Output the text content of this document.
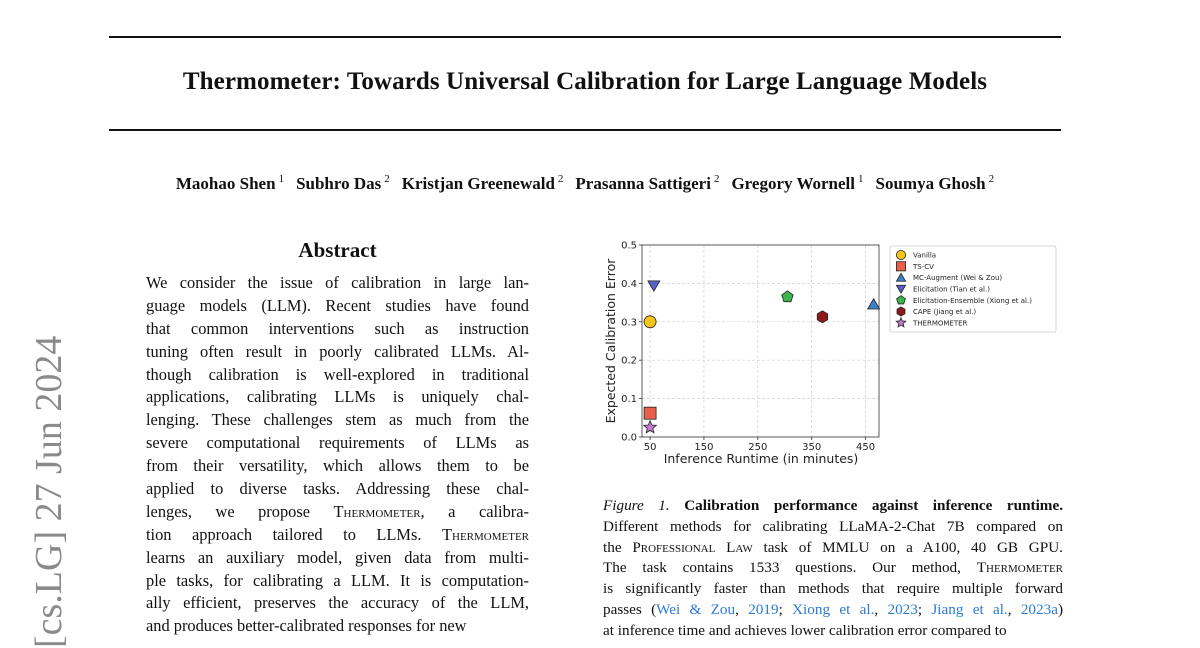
Thermometer: Towards Universal Calibration for Large Language Models
Maohao Shen $^1$ Subhro Das $^2$ Kristjan Greenewald $^2$ Prasanna Sattigeri $^2$ Gregory Wornell $^1$ Soumya Ghosh $^2$
[cs.LG] 27 Jun 2024
Abstract
We consider the issue of calibration in large lan-
guage models (LLM). Recent studies have found
that common interventions such as instruction
tuning often result in poorly calibrated LLMs. Al-
though calibration is well-explored in traditional
applications, calibrating LLMs is uniquely chal-
lenging. These challenges stem as much from the
severe computational requirements of LLMs as
from their versatility, which allows them to be
applied to diverse tasks. Addressing these chal-
lenges, we propose Thermometer, a calibra-
tion approach tailored to LLMs. Thermometer
learns an auxiliary model, given data from multi-
ple tasks, for calibrating a LLM. It is computation-
ally efficient, preserves the accuracy of the LLM,
and produces better-calibrated responses for new
50	150	250	350	450
0.0
0.1
0.2
0.3
0.4
0.5
Inference Runtime (in minutes)
Expected Calibration Error
Vanilla
TS-CV
MC-Augment (Wei & Zou)
Elicitation (Tian et al.)
Elicitation-Ensemble (Xiong et al.)
CAPE (Jiang et al.)
THERMOMETER
Figure 1. Calibration performance against inference runtime.
Different methods for calibrating LLaMA-2-Chat 7B compared on
the Professional Law task of MMLU on a A100, 40 GB GPU.
The task contains 1533 questions. Our method, Thermometer
is significantly faster than methods that require multiple forward
passes (Wei & Zou, 2019; Xiong et al., 2023; Jiang et al., 2023a)
at inference time and achieves lower calibration error compared to
